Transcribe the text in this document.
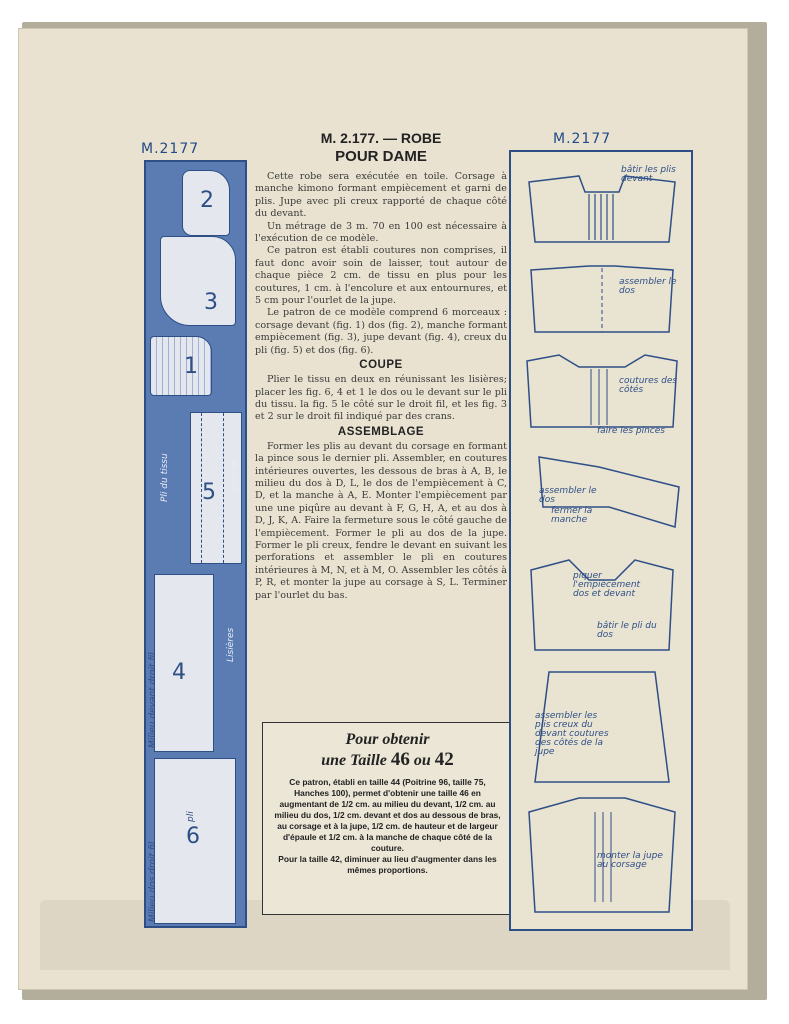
M.2177
M.2177
2
3
1
5
4
6
Milieu devant droit fil
Milieu dos droit fil
droit fil
pli
Lisières
Pli du tissu

M. 2.177. — ROBE

POUR DAME

Cette robe sera exécutée en toile. Corsage à manche kimono formant empiècement et garni de plis. Jupe avec pli creux rapporté de chaque côté du devant.

Un métrage de 3 m. 70 en 100 est nécessaire à l'exécution de ce modèle.

Ce patron est établi coutures non comprises, il faut donc avoir soin de laisser, tout autour de chaque pièce 2 cm. de tissu en plus pour les coutures, 1 cm. à l'encolure et aux entournures, et 5 cm pour l'ourlet de la jupe.

Le patron de ce modèle comprend 6 morceaux : corsage devant (fig. 1) dos (fig. 2), manche formant empiècement (fig. 3), jupe devant (fig. 4), creux du pli (fig. 5) et dos (fig. 6).

COUPE

Plier le tissu en deux en réunissant les lisières; placer les fig. 6, 4 et 1 le dos ou le devant sur le pli du tissu. la fig. 5 le côté sur le droit fil, et les fig. 3 et 2 sur le droit fil indiqué par des crans.

ASSEMBLAGE

Former les plis au devant du corsage en formant la pince sous le dernier pli. Assembler, en coutures intérieures ouvertes, les dessous de bras à A, B, le milieu du dos à D, L, le dos de l'empiècement à C, D, et la manche à A, E. Monter l'empiècement par une une piqûre au devant à F, G, H, A, et au dos à D, J, K, A. Faire la fermeture sous le côté gauche de l'empiècement. Former le pli au dos de la jupe. Former le pli creux, fendre le devant en suivant les perforations et assembler le pli en coutures intérieures à M, N, et à M, O. Assembler les côtés à P, R, et monter la jupe au corsage à S, L. Terminer par l'ourlet du bas.

Pour obtenir

une Taille 46 ou 42

Ce patron, établi en taille 44 (Poitrine 96, taille 75, Hanches 100), permet d'obtenir une taille 46 en augmentant de 1/2 cm. au milieu du devant, 1/2 cm. au milieu du dos, 1/2 cm. devant et dos au dessous de bras, au corsage et à la jupe, 1/2 cm. de hauteur et de largeur d'épaule et 1/2 cm. à la manche de chaque côté de la couture.

Pour la taille 42, diminuer au lieu d'augmenter dans les mêmes proportions.

bâtir les plis devant
assembler le dos
coutures des côtés
faire les pinces
assembler le dos
fermer la manche
piquer l'empiècement dos et devant
bâtir le pli du dos
assembler les plis creux du devant coutures des côtés de la jupe
monter la jupe au corsage
